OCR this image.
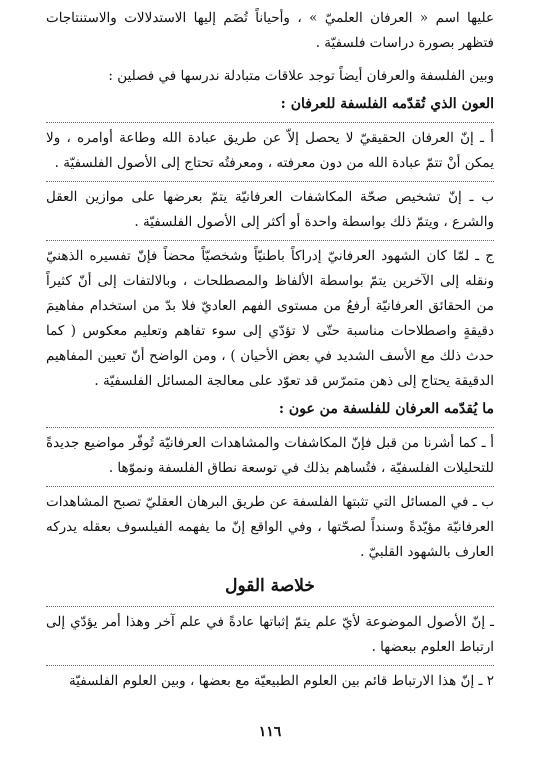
عليها اسم « العرفان العلميّ » ، وأحياناً تُضَم إليها الاستدلالات والاستنتاجات فتظهر بصورة دراسات فلسفيّة .

وبين الفلسفة والعرفان أيضاً توجد علاقات متبادلة ندرسها في فصلين :

العون الذي تُقدّمه الفلسفة للعرفان :

أ ـ إنّ العرفان الحقيقيّ لا يحصل إلاّ عن طريق عبادة الله وطاعة أوامره ، ولا يمكن أنْ تتمّ عبادة الله من دون معرفته ، ومعرفتُه تحتاج إلى الأصول الفلسفيّة .

ب ـ إنّ تشخيص صحّة المكاشفات العرفانيّة يتمّ بعرضها على موازين العقل والشرع ، ويتمّ ذلك بواسطة واحدة أو أكثر إلى الأصول الفلسفيّة .

ج ـ لمّا كان الشهود العرفانيّ إدراكاً باطنيّاً وشخصيّاً محضاً فإنّ تفسيره الذهنيّ ونقله إلى الآخرين يتمّ بواسطة الألفاظ والمصطلحات ، وبالالتفات إلى أنّ كثيراً من الحقائق العرفانيّة أرفعُ من مستوى الفهم العاديّ فلا بدّ من استخدام مفاهيمَ دقيقةٍ واصطلاحات مناسبة حتّى لا تؤدّي إلى سوء تفاهم وتعليم معكوس ( كما حدث ذلك مع الأسف الشديد في بعض الأحيان ) ، ومن الواضح أنّ تعيين المفاهيم الدقيقة يحتاج إلى ذهن متمرّس قد تعوّد على معالجة المسائل الفلسفيّة .

ما يُقدّمه العرفان للفلسفة من عون :

أ ـ كما أشرنا من قبل فإنّ المكاشفات والمشاهدات العرفانيّة تُوفّر مواضيع جديدةً للتحليلات الفلسفيّة ، فتُساهم بذلك في توسعة نطاق الفلسفة ونموّها .

ب ـ في المسائل التي تثبتها الفلسفة عن طريق البرهان العقليّ تصبح المشاهدات العرفانيّة مؤيّدةً وسنداً لصحّتها ، وفي الواقع إنّ ما يفهمه الفيلسوف بعقله يدركه العارف بالشهود القلبيّ .

خلاصة القول

ـ إنّ الأصول الموضوعة لأيّ علم يتمّ إثباتها عادةً في علم آخر وهذا أمر يؤدّي إلى ارتباط العلوم ببعضها .

٢ ـ إنّ هذا الارتباط قائم بين العلوم الطبيعيّة مع بعضها ، وبين العلوم الفلسفيّة

١١٦
